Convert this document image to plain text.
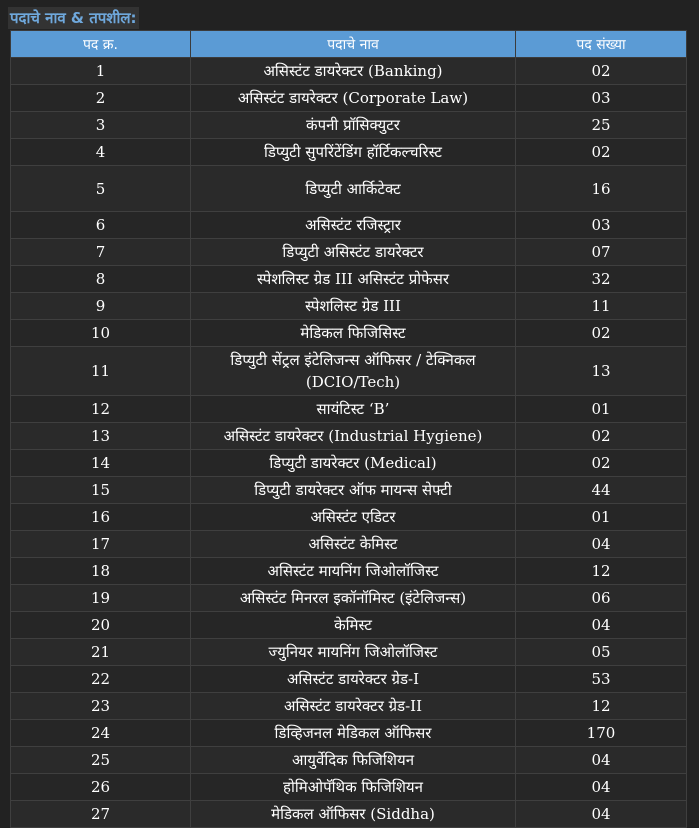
पदाचे नाव & तपशील:
पद क्र.	पदाचे नाव	पद संख्या
1	असिस्टंट डायरेक्टर (Banking)	02
2	असिस्टंट डायरेक्टर (Corporate Law)	03
3	कंपनी प्रॉसिक्युटर	25
4	डिप्युटी सुपरिंटेंडिंग हॉर्टिकल्चरिस्ट	02
5	डिप्युटी आर्किटेक्ट	16
6	असिस्टंट रजिस्ट्रार	03
7	डिप्युटी असिस्टंट डायरेक्टर	07
8	स्पेशलिस्ट ग्रेड III असिस्टंट प्रोफेसर	32
9	स्पेशलिस्ट ग्रेड III	11
10	मेडिकल फिजिसिस्ट	02
11	डिप्युटी सेंट्रल इंटेलिजन्स ऑफिसर / टेक्निकल (DCIO/Tech)	13
12	सायंटिस्ट ‘B’	01
13	असिस्टंट डायरेक्टर (Industrial Hygiene)	02
14	डिप्युटी डायरेक्टर (Medical)	02
15	डिप्युटी डायरेक्टर ऑफ मायन्स सेफ्टी	44
16	असिस्टंट एडिटर	01
17	असिस्टंट केमिस्ट	04
18	असिस्टंट मायनिंग जिओलॉजिस्ट	12
19	असिस्टंट मिनरल इकॉनॉमिस्ट (इंटेलिजन्स)	06
20	केमिस्ट	04
21	ज्युनियर मायनिंग जिओलॉजिस्ट	05
22	असिस्टंट डायरेक्टर ग्रेड-I	53
23	असिस्टंट डायरेक्टर ग्रेड-II	12
24	डिव्हिजनल मेडिकल ऑफिसर	170
25	आयुर्वेदिक फिजिशियन	04
26	होमिओपॅथिक फिजिशियन	04
27	मेडिकल ऑफिसर (Siddha)	04
